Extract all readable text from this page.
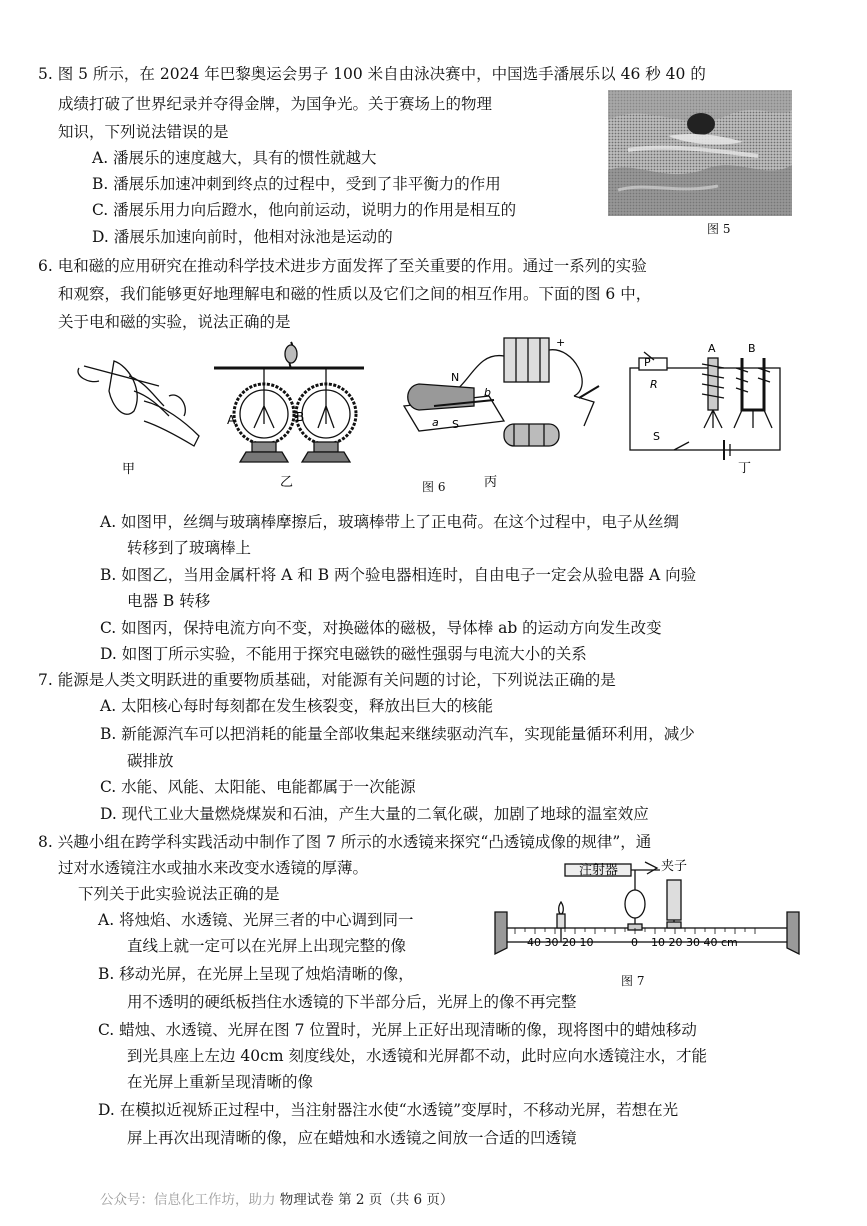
5. 图 5 所示，在 2024 年巴黎奥运会男子 100 米自由泳决赛中，中国选手潘展乐以 46 秒 40 的
成绩打破了世界纪录并夺得金牌，为国争光。关于赛场上的物理
知识，下列说法错误的是
A. 潘展乐的速度越大，具有的惯性就越大
B. 潘展乐加速冲刺到终点的过程中，受到了非平衡力的作用
C. 潘展乐用力向后蹬水，他向前运动，说明力的作用是相互的
D. 潘展乐加速向前时，他相对泳池是运动的	图 5
6. 电和磁的应用研究在推动科学技术进步方面发挥了至关重要的作用。通过一系列的实验
和观察，我们能够更好地理解电和磁的性质以及它们之间的相互作用。下面的图 6 中，
关于电和磁的实验，说法正确的是
甲
A	B
乙
N
S
a
b
+
丙
P
R
A	B
S
丁
图 6
A. 如图甲，丝绸与玻璃棒摩擦后，玻璃棒带上了正电荷。在这个过程中，电子从丝绸
转移到了玻璃棒上
B. 如图乙，当用金属杆将 A 和 B 两个验电器相连时，自由电子一定会从验电器 A 向验
电器 B 转移
C. 如图丙，保持电流方向不变，对换磁体的磁极，导体棒 ab 的运动方向发生改变
D. 如图丁所示实验，不能用于探究电磁铁的磁性强弱与电流大小的关系
7. 能源是人类文明跃进的重要物质基础，对能源有关问题的讨论，下列说法正确的是
A. 太阳核心每时每刻都在发生核裂变，释放出巨大的核能
B. 新能源汽车可以把消耗的能量全部收集起来继续驱动汽车，实现能量循环利用，减少
碳排放
C. 水能、风能、太阳能、电能都属于一次能源
D. 现代工业大量燃烧煤炭和石油，产生大量的二氧化碳，加剧了地球的温室效应
8. 兴趣小组在跨学科实践活动中制作了图 7 所示的水透镜来探究“凸透镜成像的规律”，通
过对水透镜注水或抽水来改变水透镜的厚薄。
下列关于此实验说法正确的是
A. 将烛焰、水透镜、光屏三者的中心调到同一
直线上就一定可以在光屏上出现完整的像
B. 移动光屏，在光屏上呈现了烛焰清晰的像，
用不透明的硬纸板挡住水透镜的下半部分后，光屏上的像不再完整
C. 蜡烛、水透镜、光屏在图 7 位置时，光屏上正好出现清晰的像，现将图中的蜡烛移动
到光具座上左边 40cm 刻度线处，水透镜和光屏都不动，此时应向水透镜注水，才能
在光屏上重新呈现清晰的像
D. 在模拟近视矫正过程中，当注射器注水使“水透镜”变厚时，不移动光屏，若想在光
屏上再次出现清晰的像，应在蜡烛和水透镜之间放一合适的凹透镜
注射器	夹子
40 30 20 10	0 10 20 30 40 cm
图 7
公众号：信息化工作坊，助力 物理试卷 第 2 页（共 6 页）
